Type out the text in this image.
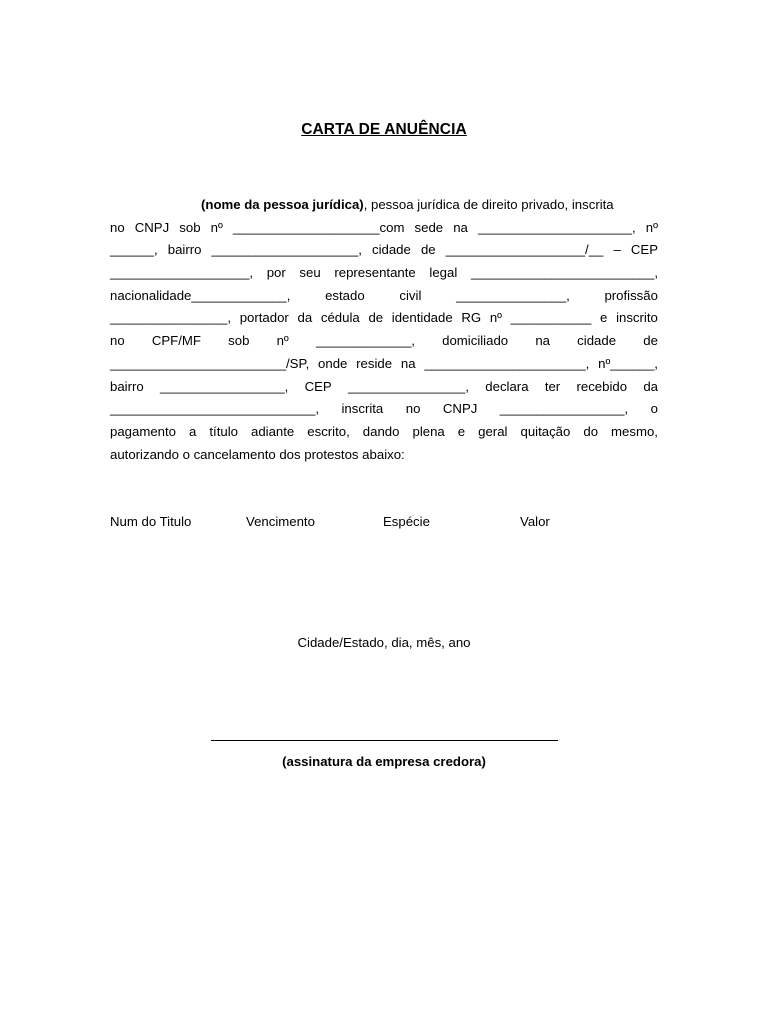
CARTA DE ANUÊNCIA
(nome da pessoa jurídica) , pessoa jurídica de direito privado, inscrita
no CNPJ sob nº ____________________com sede na _____________________, nº
______, bairro ____________________, cidade de ___________________/__ – CEP
___________________, por seu representante legal _________________________,
nacionalidade_____________,	estado	civil	_______________,	profissão
________________, portador da cédula de identidade RG nº ___________ e inscrito
no CPF/MF sob nº _____________, domiciliado na cidade de
________________________/SP, onde reside na ______________________, nº______,
bairro _________________, CEP ________________, declara ter recebido da
____________________________, inscrita no CNPJ _________________, o
pagamento a título adiante escrito, dando plena e geral quitação do mesmo,
autorizando o cancelamento dos protestos abaixo:
Num do Titulo	Vencimento	Espécie	Valor
Cidade/Estado, dia, mês, ano
(assinatura da empresa credora)
